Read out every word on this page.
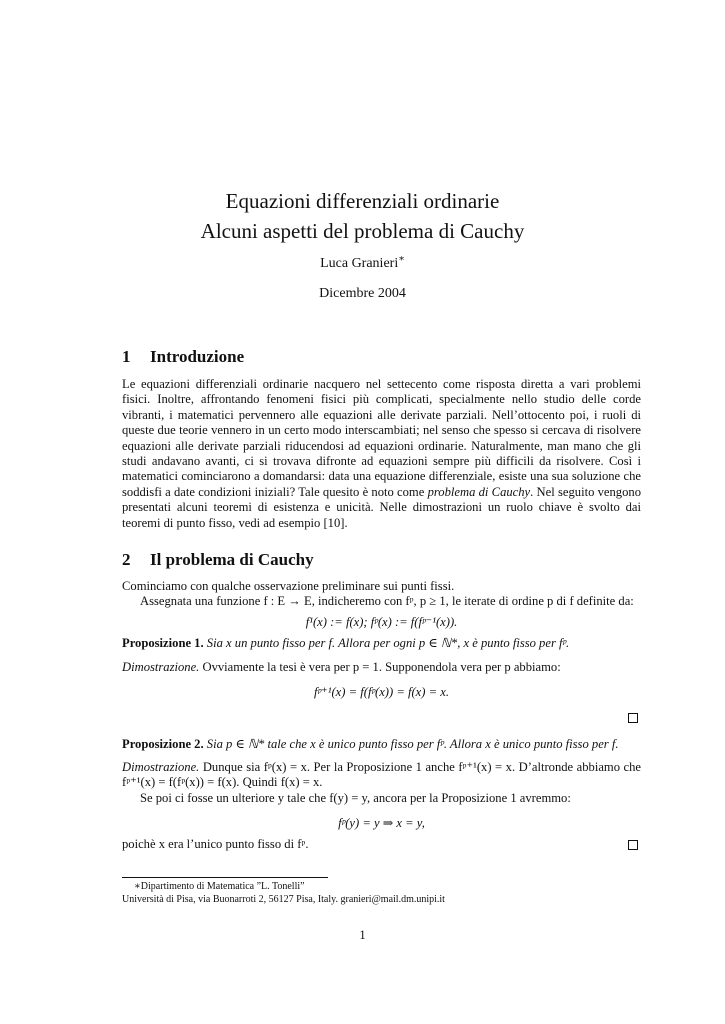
Equazioni differenziali ordinarie
Alcuni aspetti del problema di Cauchy
Luca Granieri∗
Dicembre 2004
1 Introduzione

Le equazioni differenziali ordinarie nacquero nel settecento come risposta diretta a vari problemi fisici. Inoltre, affrontando fenomeni fisici più complicati, specialmente nello studio delle corde vibranti, i matematici pervennero alle equazioni alle derivate parziali. Nell’ottocento poi, i ruoli di queste due teorie vennero in un certo modo interscambiati; nel senso che spesso si cercava di risolvere equazioni alle derivate parziali riducendosi ad equazioni ordinarie. Naturalmente, man mano che gli studi andavano avanti, ci si trovava difronte ad equazioni sempre più difficili da risolvere. Così i matematici cominciarono a domandarsi: data una equazione differenziale, esiste una sua soluzione che soddisfi a date condizioni iniziali? Tale quesito è noto come problema di Cauchy. Nel seguito vengono presentati alcuni teoremi di esistenza e unicità. Nelle dimostrazioni un ruolo chiave è svolto dai teoremi di punto fisso, vedi ad esempio [10].

2 Il problema di Cauchy

Cominciamo con qualche osservazione preliminare sui punti fissi.

Assegnata una funzione f : E → E, indicheremo con fᵖ, p ≥ 1, le iterate di ordine p di f definite da:

f¹(x) := f(x); fᵖ(x) := f(fᵖ⁻¹(x)).

Proposizione 1. Sia x un punto fisso per f. Allora per ogni p ∈ ℕ*, x è punto fisso per fᵖ.

Dimostrazione. Ovviamente la tesi è vera per p = 1. Supponendola vera per p abbiamo:

fᵖ⁺¹(x) = f(fᵖ(x)) = f(x) = x.

Proposizione 2. Sia p ∈ ℕ* tale che x è unico punto fisso per fᵖ. Allora x è unico punto fisso per f.

Dimostrazione. Dunque sia fᵖ(x) = x. Per la Proposizione 1 anche fᵖ⁺¹(x) = x. D’altronde abbiamo che fᵖ⁺¹(x) = f(fᵖ(x)) = f(x). Quindi f(x) = x.

Se poi ci fosse un ulteriore y tale che f(y) = y, ancora per la Proposizione 1 avremmo:

fᵖ(y) = y ⇒ x = y,

poichè x era l’unico punto fisso di fᵖ.

∗Dipartimento di Matematica ”L. Tonelli”
Università di Pisa, via Buonarroti 2, 56127 Pisa, Italy. granieri@mail.dm.unipi.it
1
